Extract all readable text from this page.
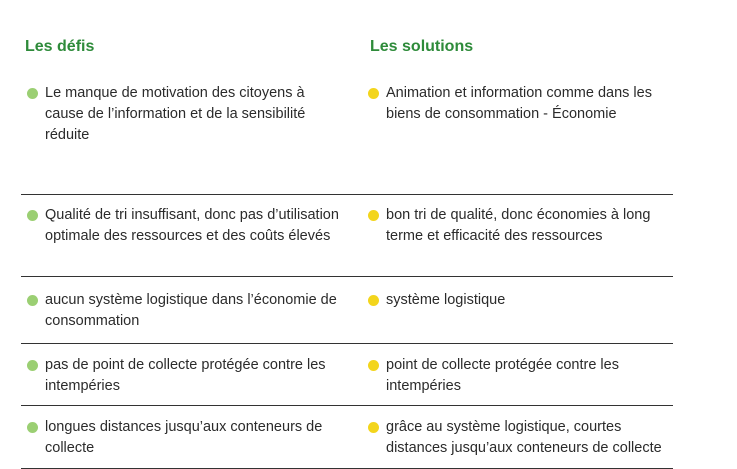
Les défis	Les solutions
Le manque de motivation des citoyens à cause de l’information et de la sensibilité réduite
Animation et information comme dans les biens de consommation - Économie
Qualité de tri insuffisant, donc pas d’utilisation optimale des ressources et des coûts élevés
bon tri de qualité, donc économies à long terme et efficacité des ressources
aucun système logistique dans l’économie de consommation
système logistique
pas de point de collecte protégée contre les intempéries
point de collecte protégée contre les intempéries
longues distances jusqu’aux conteneurs de collecte
grâce au système logistique, courtes distances jusqu’aux conteneurs de collecte
